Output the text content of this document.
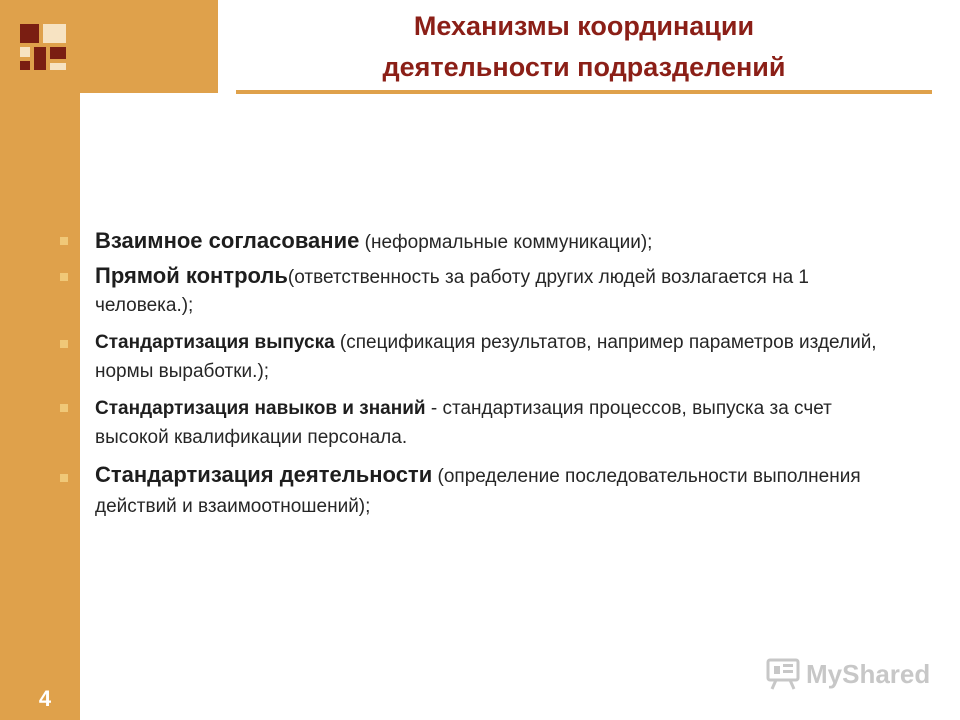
Механизмы координации
деятельности подразделений
Взаимное согласование (неформальные коммуникации);
Прямой контроль(ответственность за работу других людей возлагается на 1 человека.);
Стандартизация выпуска (спецификация результатов, например параметров изделий, нормы выработки.);
Стандартизация навыков и знаний - стандартизация процессов, выпуска за счет высокой квалификации персонала.
Стандартизация деятельности (определение последовательности выполнения действий и взаимоотношений);
4
MyShared
